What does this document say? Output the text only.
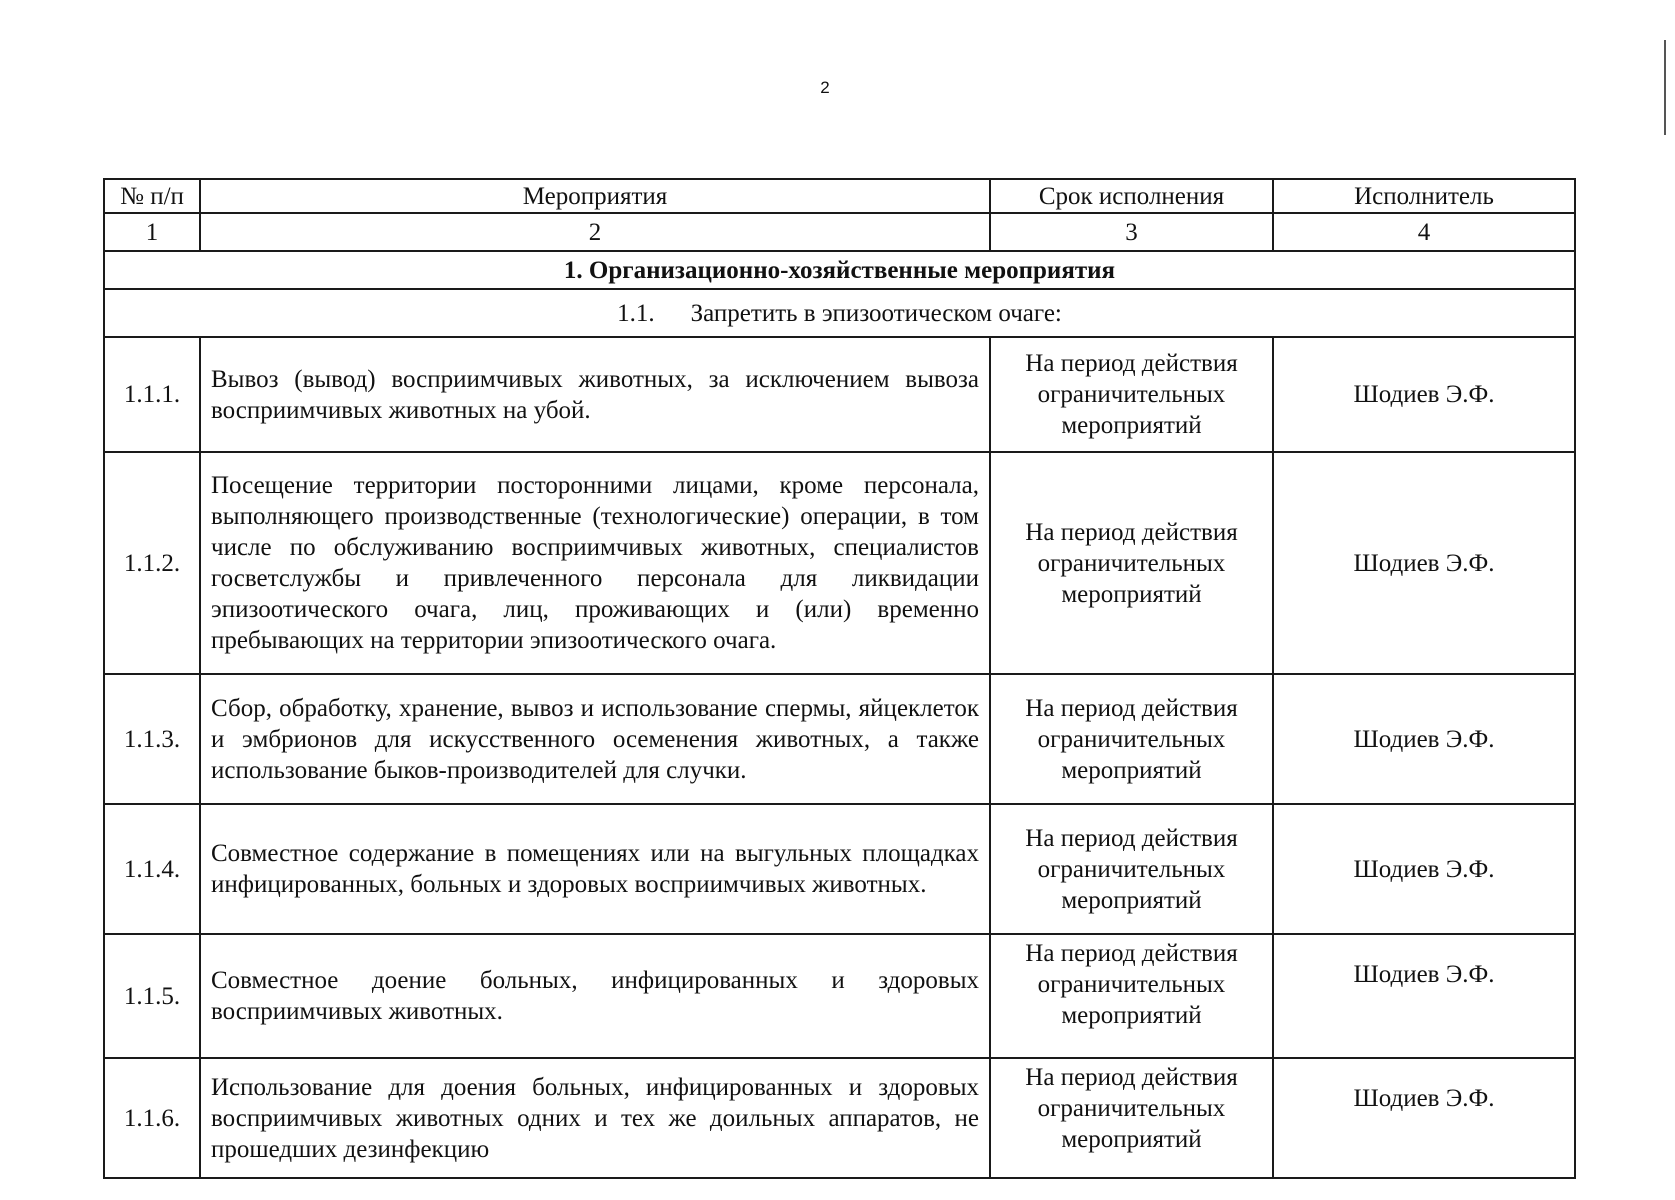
2
№ п/п	Мероприятия	Срок исполнения	Исполнитель
1	2	3	4
1. Организационно-хозяйственные мероприятия			
1.1. Запретить в эпизоотическом очаге:			
1.1.1.	Вывоз (вывод) восприимчивых животных, за исключением вывоза восприимчивых животных на убой.	На период действия ограничительных мероприятий	Шодиев Э.Ф.
1.1.2.	Посещение территории посторонними лицами, кроме персонала, выполняющего производственные (технологические) операции, в том числе по обслуживанию восприимчивых животных, специалистов госветслужбы и привлеченного персонала для ликвидации эпизоотического очага, лиц, проживающих и (или) временно пребывающих на территории эпизоотического очага.	На период действия ограничительных мероприятий	Шодиев Э.Ф.
1.1.3.	Сбор, обработку, хранение, вывоз и использование спермы, яйцеклеток и эмбрионов для искусственного осеменения животных, а также использование быков-производителей для случки.	На период действия ограничительных мероприятий	Шодиев Э.Ф.
1.1.4.	Совместное содержание в помещениях или на выгульных площадках инфицированных, больных и здоровых восприимчивых животных.	На период действия ограничительных мероприятий	Шодиев Э.Ф.
1.1.5.	Совместное доение больных, инфицированных и здоровых восприимчивых животных.	На период действия ограничительных мероприятий	Шодиев Э.Ф.
1.1.6.	Использование для доения больных, инфицированных и здоровых восприимчивых животных одних и тех же доильных аппаратов, не прошедших дезинфекцию	На период действия ограничительных мероприятий	Шодиев Э.Ф.
